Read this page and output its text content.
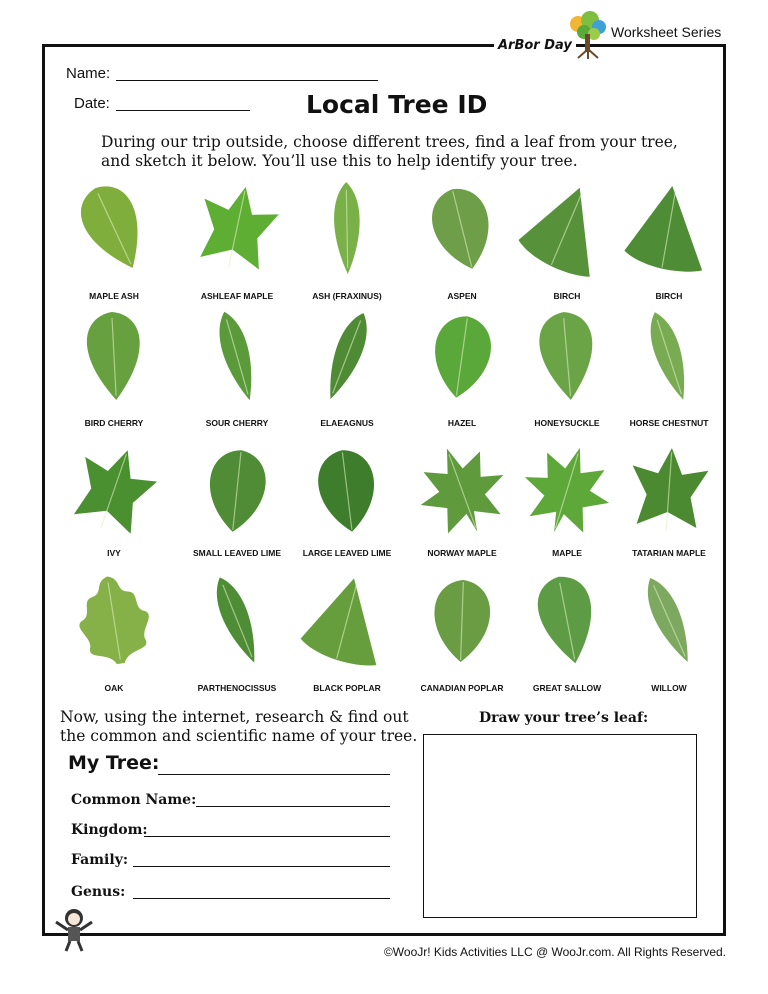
Worksheet Series
ArBor Day
Name:
Date:	Local Tree ID
During our trip outside, choose different trees, find a leaf from your tree, and sketch it below. You’ll use this to help identify your tree.
MAPLE ASH	ASHLEAF MAPLE	ASH (FRAXINUS)	ASPEN	BIRCH	BIRCH
BIRD CHERRY	SOUR CHERRY	ELAEAGNUS	HAZEL	HONEYSUCKLE	HORSE CHESTNUT
IVY	SMALL LEAVED LIME	LARGE LEAVED LIME	NORWAY MAPLE	MAPLE	TATARIAN MAPLE
OAK	PARTHENOCISSUS	BLACK POPLAR	CANADIAN POPLAR	GREAT SALLOW	WILLOW
Now, using the internet, research & find out the common and scientific name of your tree.
Draw your tree’s leaf:
My Tree:
Common Name:
Kingdom:
Family:
Genus:
©WooJr! Kids Activities LLC @ WooJr.com. All Rights Reserved.
